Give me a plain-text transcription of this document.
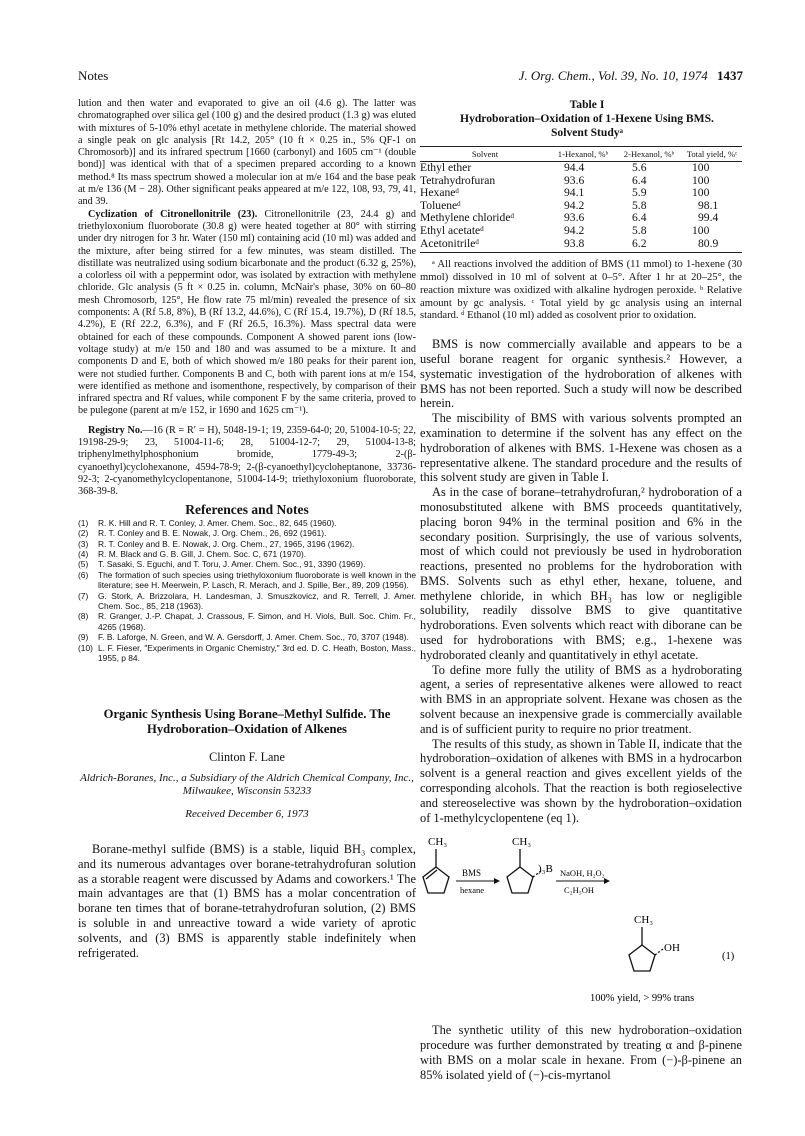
Notes	J. Org. Chem., Vol. 39, No. 10, 1974 1437

lution and then water and evaporated to give an oil (4.6 g). The latter was chromatographed over silica gel (100 g) and the desired product (1.3 g) was eluted with mixtures of 5-10% ethyl acetate in methylene chloride. The material showed a single peak on glc analysis [Rt 14.2, 205° (10 ft × 0.25 in., 5% QF-1 on Chromosorb)] and its infrared spectrum [1660 (carbonyl) and 1605 cm⁻¹ (double bond)] was identical with that of a specimen prepared according to a known method.⁸ Its mass spectrum showed a molecular ion at m/e 164 and the base peak at m/e 136 (M − 28). Other significant peaks appeared at m/e 122, 108, 93, 79, 41, and 39.

Cyclization of Citronellonitrile (23). Citronellonitrile (23, 24.4 g) and triethyloxonium fluoroborate (30.8 g) were heated together at 80° with stirring under dry nitrogen for 3 hr. Water (150 ml) containing acid (10 ml) was added and the mixture, after being stirred for a few minutes, was steam distilled. The distillate was neutralized using sodium bicarbonate and the product (6.32 g, 25%), a colorless oil with a peppermint odor, was isolated by extraction with methylene chloride. Glc analysis (5 ft × 0.25 in. column, McNair's phase, 30% on 60–80 mesh Chromosorb, 125°, He flow rate 75 ml/min) revealed the presence of six components: A (Rf 5.8, 8%), B (Rf 13.2, 44.6%), C (Rf 15.4, 19.7%), D (Rf 18.5, 4.2%), E (Rf 22.2, 6.3%), and F (Rf 26.5, 16.3%). Mass spectral data were obtained for each of these compounds. Component A showed parent ions (low-voltage study) at m/e 150 and 180 and was assumed to be a mixture. It and components D and E, both of which showed m/e 180 peaks for their parent ion, were not studied further. Components B and C, both with parent ions at m/e 154, were identified as methone and isomenthone, respectively, by comparison of their infrared spectra and Rf values, while component F by the same criteria, proved to be pulegone (parent at m/e 152, ir 1690 and 1625 cm⁻¹).

Registry No.—16 (R = R′ = H), 5048-19-1; 19, 2359-64-0; 20, 51004-10-5; 22, 19198-29-9; 23, 51004-11-6; 28, 51004-12-7; 29, 51004-13-8; triphenylmethylphosphonium bromide, 1779-49-3; 2-(β-cyanoethyl)cyclohexanone, 4594-78-9; 2-(β-cyanoethyl)cycloheptanone, 33736-92-3; 2-cyanomethylcyclopentanone, 51004-14-9; triethyloxonium fluoroborate, 368-39-8.

References and Notes
(1)	R. K. Hill and R. T. Conley, J. Amer. Chem. Soc., 82, 645 (1960).
(2)	R. T. Conley and B. E. Nowak, J. Org. Chem., 26, 692 (1961).
(3)	R. T. Conley and B. E. Nowak, J. Org. Chem., 27, 1965, 3196 (1962).
(4)	R. M. Black and G. B. Gill, J. Chem. Soc. C, 671 (1970).
(5)	T. Sasaki, S. Eguchi, and T. Toru, J. Amer. Chem. Soc., 91, 3390 (1969).
(6)	The formation of such species using triethyloxonium fluoroborate is well known in the literature; see H. Meerwein, P. Lasch, R. Merach, and J. Spille, Ber., 89, 209 (1956).
(7)	G. Stork, A. Brizzolara, H. Landesman, J. Smuszkovicz, and R. Terrell, J. Amer. Chem. Soc., 85, 218 (1963).
(8)	R. Granger, J.-P. Chapat, J. Crassous, F. Simon, and H. Viols, Bull. Soc. Chim. Fr., 4265 (1968).
(9)	F. B. Laforge, N. Green, and W. A. Gersdorff, J. Amer. Chem. Soc., 70, 3707 (1948).
(10) L. F. Fieser, "Experiments in Organic Chemistry," 3rd ed. D. C. Heath, Boston, Mass., 1955, p 84.
Organic Synthesis Using Borane–Methyl Sulfide. The Hydroboration–Oxidation of Alkenes
Clinton F. Lane
Aldrich-Boranes, Inc., a Subsidiary of the Aldrich Chemical Company, Inc., Milwaukee, Wisconsin 53233
Received December 6, 1973
Borane-methyl sulfide (BMS) is a stable, liquid BH₃ complex, and its numerous advantages over borane-tetrahydrofuran solution as a storable reagent were discussed by Adams and coworkers.¹ The main advantages are that (1) BMS has a molar concentration of borane ten times that of borane-tetrahydrofuran solution, (2) BMS is soluble in and unreactive toward a wide variety of aprotic solvents, and (3) BMS is apparently stable indefinitely when refrigerated.
Table I
Hydroboration–Oxidation of 1-Hexene Using BMS.
Solvent Studyᵃ
Solvent	1-Hexanol, %ᵇ	2-Hexanol, %ᵇ	Total yield, %ᶜ
Ethyl ether	94.4	5.6	100
Tetrahydrofuran	93.6	6.4	100
Hexaneᵈ	94.1	5.9	100
Tolueneᵈ	94.2	5.8	98.1
Methylene chlorideᵈ	93.6	6.4	99.4
Ethyl acetateᵈ	94.2	5.8	100
Acetonitrileᵈ	93.8	6.2	80.9
ᵃ All reactions involved the addition of BMS (11 mmol) to 1-hexene (30 mmol) dissolved in 10 ml of solvent at 0–5°. After 1 hr at 20–25°, the reaction mixture was oxidized with alkaline hydrogen peroxide. ᵇ Relative amount by gc analysis. ᶜ Total yield by gc analysis using an internal standard. ᵈ Ethanol (10 ml) added as cosolvent prior to oxidation.

BMS is now commercially available and appears to be a useful borane reagent for organic synthesis.² However, a systematic investigation of the hydroboration of alkenes with BMS has not been reported. Such a study will now be described herein.

The miscibility of BMS with various solvents prompted an examination to determine if the solvent has any effect on the hydroboration of alkenes with BMS. 1-Hexene was chosen as a representative alkene. The standard procedure and the results of this solvent study are given in Table I.

As in the case of borane–tetrahydrofuran,² hydroboration of a monosubstituted alkene with BMS proceeds quantitatively, placing boron 94% in the terminal position and 6% in the secondary position. Surprisingly, the use of various solvents, most of which could not previously be used in hydroboration reactions, presented no problems for the hydroboration with BMS. Solvents such as ethyl ether, hexane, toluene, and methylene chloride, in which BH₃ has low or negligible solubility, readily dissolve BMS to give quantitative hydroborations. Even solvents which react with diborane can be used for hydroborations with BMS; e.g., 1-hexene was hydroborated cleanly and quantitatively in ethyl acetate.

To define more fully the utility of BMS as a hydroborating agent, a series of representative alkenes were allowed to react with BMS in an appropriate solvent. Hexane was chosen as the solvent because an inexpensive grade is commercially available and is of sufficient purity to require no prior treatment.

The results of this study, as shown in Table II, indicate that the hydroboration–oxidation of alkenes with BMS in a hydrocarbon solvent is a general reaction and gives excellent yields of the corresponding alcohols. That the reaction is both regioselective and stereoselective was shown by the hydroboration–oxidation of 1-methylcyclopentene (eq 1).

CH₃
BMS
hexane
CH₃
)₃B NaOH, H₂O₂
C₂H₅OH
CH₃
OH
(1)
100% yield, > 99% trans
The synthetic utility of this new hydroboration–oxidation procedure was further demonstrated by treating α and β-pinene with BMS on a molar scale in hexane. From (−)-β-pinene an 85% isolated yield of (−)-cis-myrtanol
